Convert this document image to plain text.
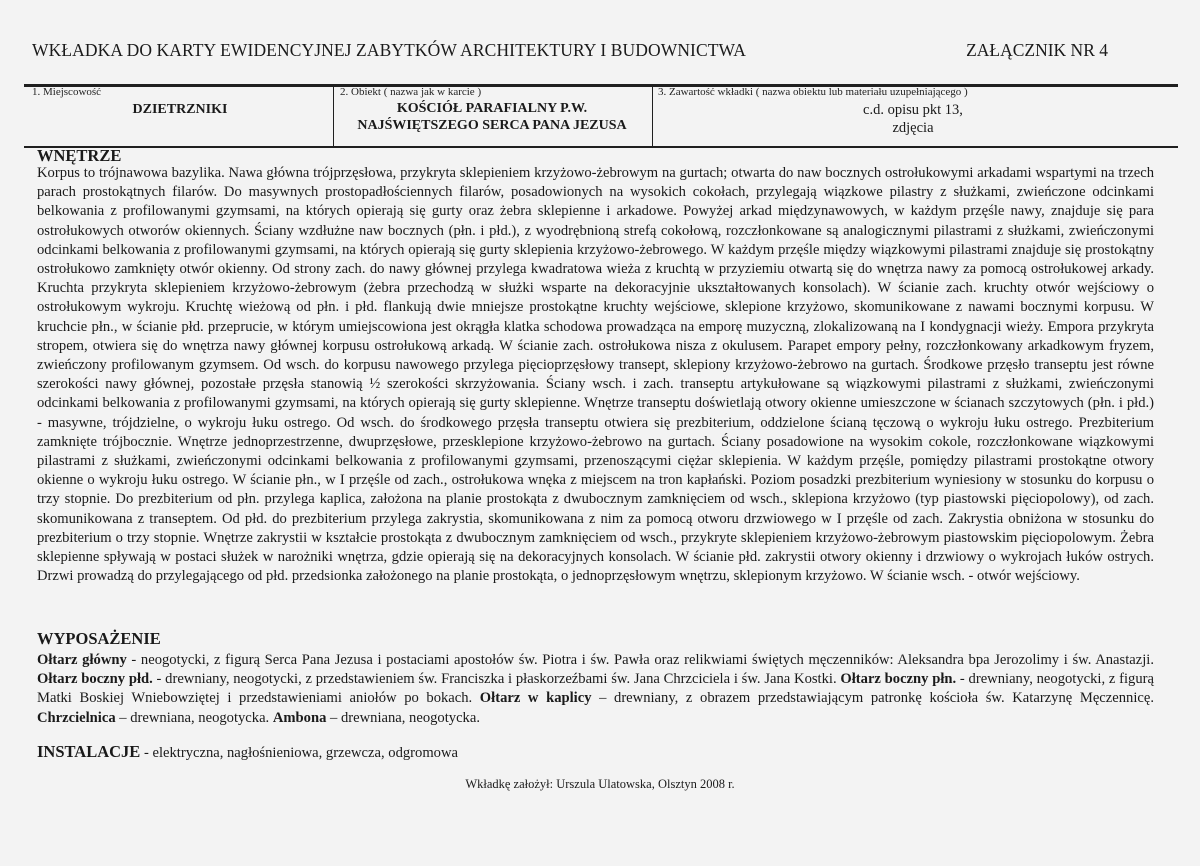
WKŁADKA DO KARTY EWIDENCYJNEJ ZABYTKÓW ARCHITEKTURY I BUDOWNICTWA	ZAŁĄCZNIK NR 4
1. Miejscowość
DZIETRZNIKI
2. Obiekt ( nazwa jak w karcie )
KOŚCIÓŁ PARAFIALNY P.W.
NAJŚWIĘTSZEGO SERCA PANA JEZUSA
3. Zawartość wkładki ( nazwa obiektu lub materiału uzupełniającego )
c.d. opisu pkt 13,
zdjęcia
WNĘTRZE

Korpus to trójnawowa bazylika. Nawa główna trójprzęsłowa, przykryta sklepieniem krzyżowo-żebrowym na gurtach; otwarta do naw bocznych ostrołukowymi arkadami wspartymi na trzech parach prostokątnych filarów. Do masywnych prostopadłościennych filarów, posadowionych na wysokich cokołach, przylegają wiązkowe pilastry z służkami, zwieńczone odcinkami belkowania z profilowanymi gzymsami, na których opierają się gurty oraz żebra sklepienne i arkadowe. Powyżej arkad międzynawowych, w każdym przęśle nawy, znajduje się para ostrołukowych otworów okiennych. Ściany wzdłużne naw bocznych (płn. i płd.), z wyodrębnioną strefą cokołową, rozczłonkowane są analogicznymi pilastrami z służkami, zwieńczonymi odcinkami belkowania z profilowanymi gzymsami, na których opierają się gurty sklepienia krzyżowo-żebrowego. W każdym przęśle między wiązkowymi pilastrami znajduje się prostokątny ostrołukowo zamknięty otwór okienny. Od strony zach. do nawy głównej przylega kwadratowa wieża z kruchtą w przyziemiu otwartą się do wnętrza nawy za pomocą ostrołukowej arkady. Kruchta przykryta sklepieniem krzyżowo-żebrowym (żebra przechodzą w służki wsparte na dekoracyjnie ukształtowanych konsolach). W ścianie zach. kruchty otwór wejściowy o ostrołukowym wykroju. Kruchtę wieżową od płn. i płd. flankują dwie mniejsze prostokątne kruchty wejściowe, sklepione krzyżowo, skomunikowane z nawami bocznymi korpusu. W kruchcie płn., w ścianie płd. przeprucie, w którym umiejscowiona jest okrągła klatka schodowa prowadząca na emporę muzyczną, zlokalizowaną na I kondygnacji wieży. Empora przykryta stropem, otwiera się do wnętrza nawy głównej korpusu ostrołukową arkadą. W ścianie zach. ostrołukowa nisza z okulusem. Parapet empory pełny, rozczłonkowany arkadkowym fryzem, zwieńczony profilowanym gzymsem. Od wsch. do korpusu nawowego przylega pięcioprzęsłowy transept, sklepiony krzyżowo-żebrowo na gurtach. Środkowe przęsło transeptu jest równe szerokości nawy głównej, pozostałe przęsła stanowią ½ szerokości skrzyżowania. Ściany wsch. i zach. transeptu artykułowane są wiązkowymi pilastrami z służkami, zwieńczonymi odcinkami belkowania z profilowanymi gzymsami, na których opierają się gurty sklepienne. Wnętrze transeptu doświetlają otwory okienne umieszczone w ścianach szczytowych (płn. i płd.) - masywne, trójdzielne, o wykroju łuku ostrego. Od wsch. do środkowego przęsła transeptu otwiera się prezbiterium, oddzielone ścianą tęczową o wykroju łuku ostrego. Prezbiterium zamknięte trójbocznie. Wnętrze jednoprzestrzenne, dwuprzęsłowe, przesklepione krzyżowo-żebrowo na gurtach. Ściany posadowione na wysokim cokole, rozczłonkowane wiązkowymi pilastrami z służkami, zwieńczonymi odcinkami belkowania z profilowanymi gzymsami, przenoszącymi ciężar sklepienia. W każdym przęśle, pomiędzy pilastrami prostokątne otwory okienne o wykroju łuku ostrego. W ścianie płn., w I przęśle od zach., ostrołukowa wnęka z miejscem na tron kapłański. Poziom posadzki prezbiterium wyniesiony w stosunku do korpusu o trzy stopnie. Do prezbiterium od płn. przylega kaplica, założona na planie prostokąta z dwubocznym zamknięciem od wsch., sklepiona krzyżowo (typ piastowski pięciopolowy), od zach. skomunikowana z transeptem. Od płd. do prezbiterium przylega zakrystia, skomunikowana z nim za pomocą otworu drzwiowego w I przęśle od zach. Zakrystia obniżona w stosunku do prezbiterium o trzy stopnie. Wnętrze zakrystii w kształcie prostokąta z dwubocznym zamknięciem od wsch., przykryte sklepieniem krzyżowo-żebrowym piastowskim pięciopolowym. Żebra sklepienne spływają w postaci służek w narożniki wnętrza, gdzie opierają się na dekoracyjnych konsolach. W ścianie płd. zakrystii otwory okienny i drzwiowy o wykrojach łuków ostrych. Drzwi prowadzą do przylegającego od płd. przedsionka założonego na planie prostokąta, o jednoprzęsłowym wnętrzu, sklepionym krzyżowo. W ścianie wsch. - otwór wejściowy.

WYPOSAŻENIE

Ołtarz główny - neogotycki, z figurą Serca Pana Jezusa i postaciami apostołów św. Piotra i św. Pawła oraz relikwiami świętych męczenników: Aleksandra bpa Jerozolimy i św. Anastazji. Ołtarz boczny płd. - drewniany, neogotycki, z przedstawieniem św. Franciszka i płaskorzeźbami św. Jana Chrzciciela i św. Jana Kostki. Ołtarz boczny płn. - drewniany, neogotycki, z figurą Matki Boskiej Wniebowziętej i przedstawieniami aniołów po bokach. Ołtarz w kaplicy – drewniany, z obrazem przedstawiającym patronkę kościoła św. Katarzynę Męczennicę. Chrzcielnica – drewniana, neogotycka. Ambona – drewniana, neogotycka.

INSTALACJE - elektryczna, nagłośnieniowa, grzewcza, odgromowa
Wkładkę założył: Urszula Ulatowska, Olsztyn 2008 r.
